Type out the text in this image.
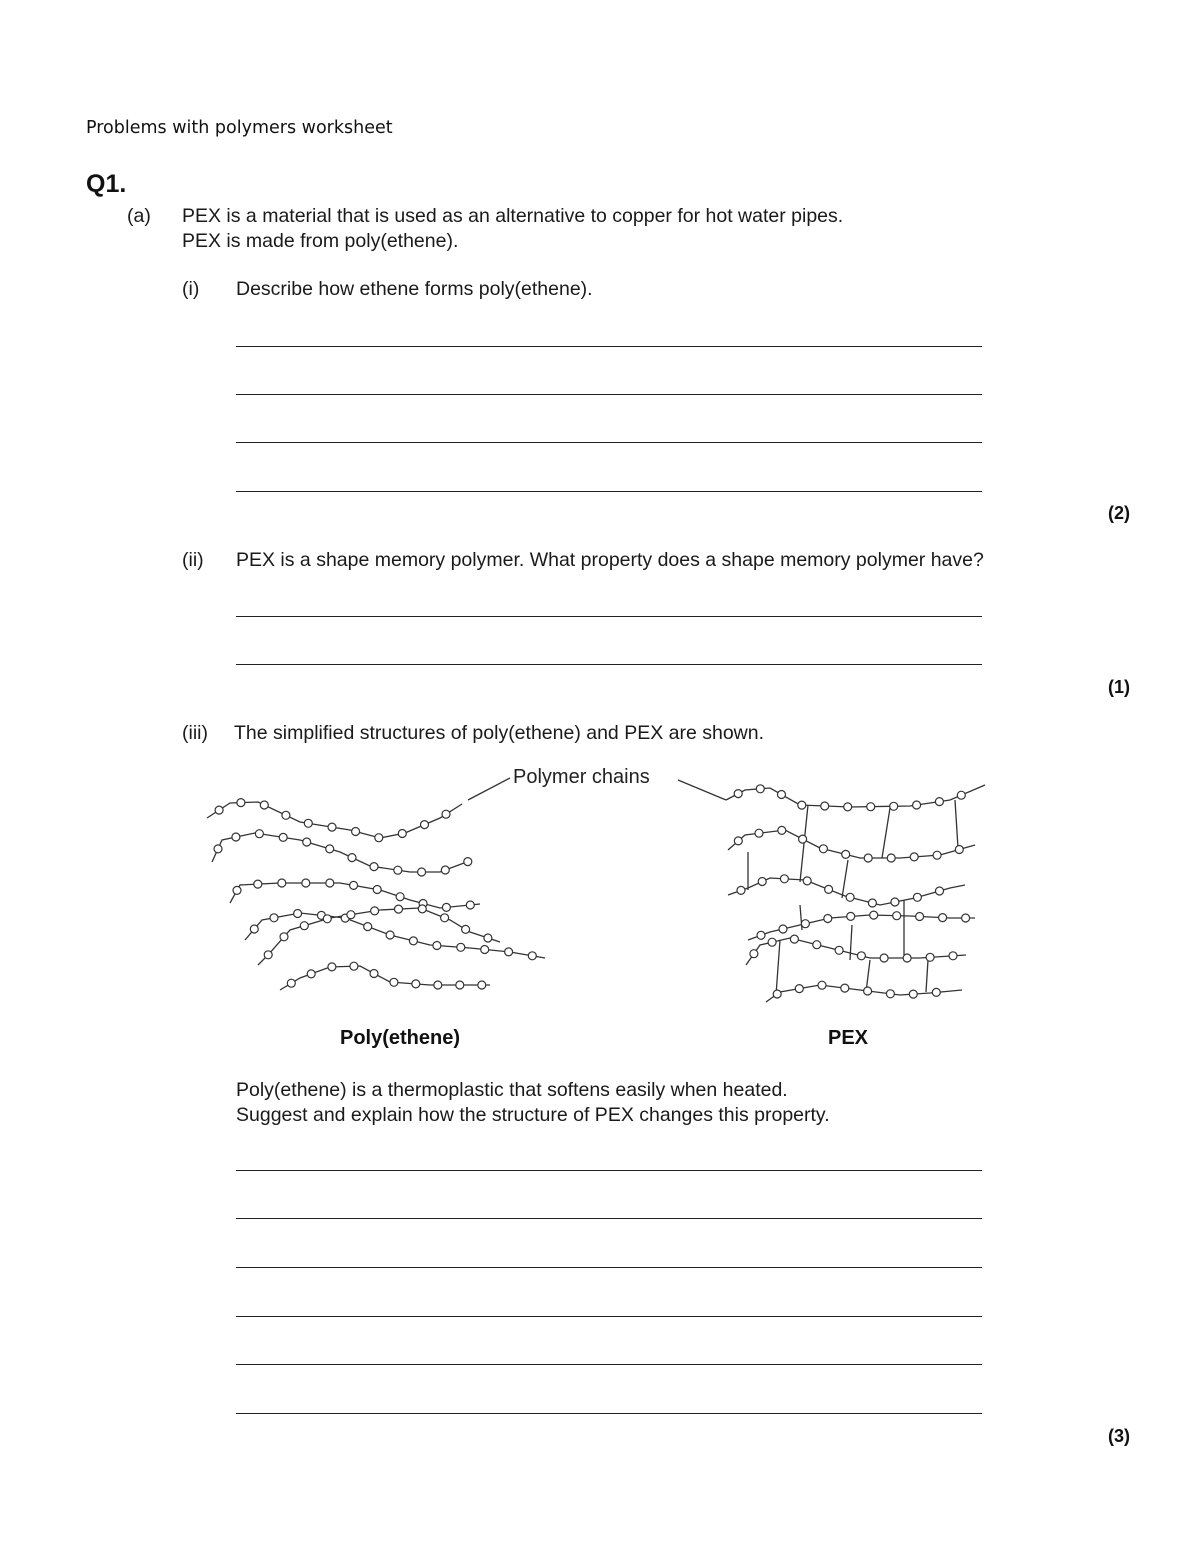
Problems with polymers worksheet
Q1.
(a) PEX is a material that is used as an alternative to copper for hot water pipes.
PEX is made from poly(ethene).
(i) Describe how ethene forms poly(ethene).
(2)
(ii) PEX is a shape memory polymer. What property does a shape memory polymer have?
(1)
(iii) The simplified structures of poly(ethene) and PEX are shown.
Polymer chains
Poly(ethene)	PEX
Poly(ethene) is a thermoplastic that softens easily when heated.
Suggest and explain how the structure of PEX changes this property.
(3)
